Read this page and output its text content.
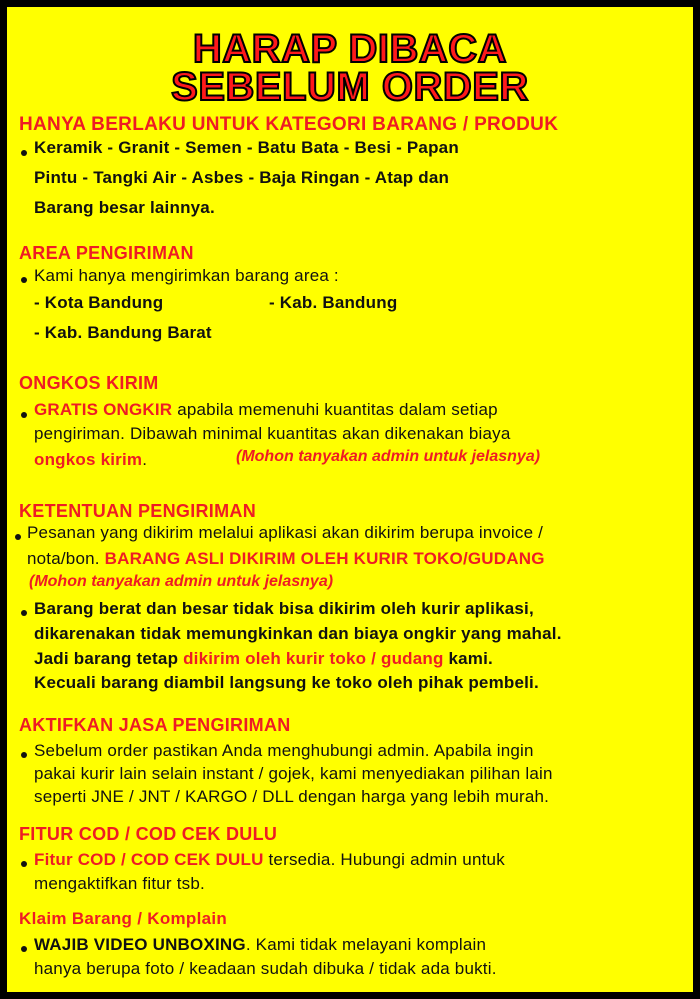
HARAP DIBACA
SEBELUM ORDER
HANYA BERLAKU UNTUK KATEGORI BARANG / PRODUK
Keramik - Granit - Semen - Batu Bata - Besi - Papan
Pintu - Tangki Air - Asbes - Baja Ringan - Atap dan
Barang besar lainnya.
AREA PENGIRIMAN
Kami hanya mengirimkan barang area :
- Kota Bandung	- Kab. Bandung
- Kab. Bandung Barat
ONGKOS KIRIM
GRATIS ONGKIR apabila memenuhi kuantitas dalam setiap
pengiriman. Dibawah minimal kuantitas akan dikenakan biaya
ongkos kirim.	(Mohon tanyakan admin untuk jelasnya)
KETENTUAN PENGIRIMAN
Pesanan yang dikirim melalui aplikasi akan dikirim berupa invoice /
nota/bon. BARANG ASLI DIKIRIM OLEH KURIR TOKO/GUDANG
(Mohon tanyakan admin untuk jelasnya)
Barang berat dan besar tidak bisa dikirim oleh kurir aplikasi,
dikarenakan tidak memungkinkan dan biaya ongkir yang mahal.
Jadi barang tetap dikirim oleh kurir toko / gudang kami.
Kecuali barang diambil langsung ke toko oleh pihak pembeli.
AKTIFKAN JASA PENGIRIMAN
Sebelum order pastikan Anda menghubungi admin. Apabila ingin
pakai kurir lain selain instant / gojek, kami menyediakan pilihan lain
seperti JNE / JNT / KARGO / DLL dengan harga yang lebih murah.
FITUR COD / COD CEK DULU
Fitur COD / COD CEK DULU tersedia. Hubungi admin untuk
mengaktifkan fitur tsb.
Klaim Barang / Komplain
WAJIB VIDEO UNBOXING. Kami tidak melayani komplain
hanya berupa foto / keadaan sudah dibuka / tidak ada bukti.
